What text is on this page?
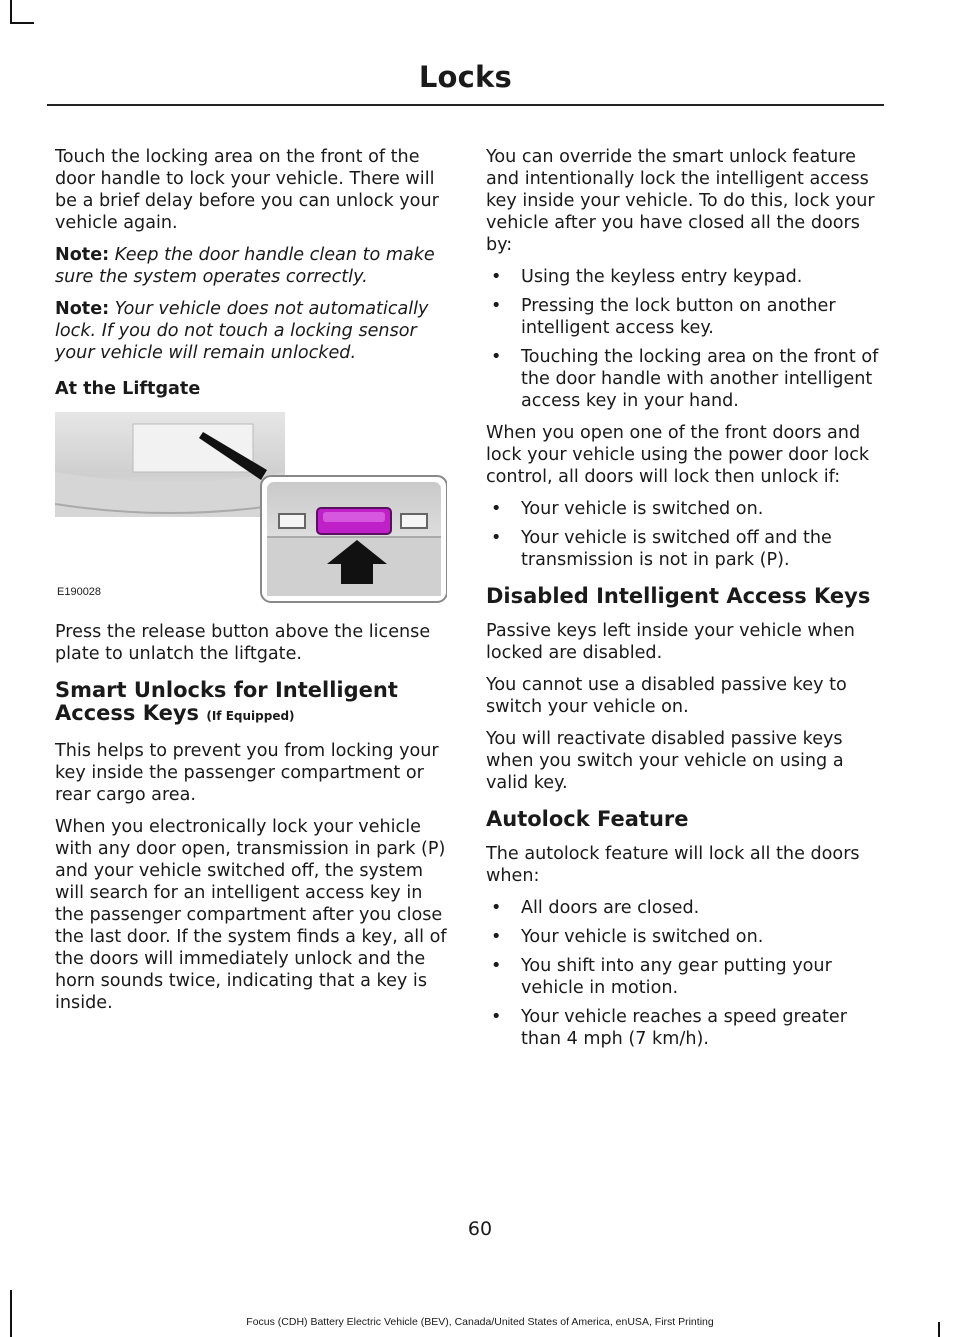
Locks

Touch the locking area on the front of the door handle to lock your vehicle. There will be a brief delay before you can unlock your vehicle again.

Note: Keep the door handle clean to make sure the system operates correctly.

Note: Your vehicle does not automatically lock. If you do not touch a locking sensor your vehicle will remain unlocked.

At the Liftgate
E190028

Press the release button above the license plate to unlatch the liftgate.

Smart Unlocks for Intelligent Access Keys (If Equipped)

This helps to prevent you from locking your key inside the passenger compartment or rear cargo area.

When you electronically lock your vehicle with any door open, transmission in park (P) and your vehicle switched off, the system will search for an intelligent access key in the passenger compartment after you close the last door. If the system finds a key, all of the doors will immediately unlock and the horn sounds twice, indicating that a key is inside.

You can override the smart unlock feature and intentionally lock the intelligent access key inside your vehicle. To do this, lock your vehicle after you have closed all the doors by:

• Using the keyless entry keypad.
• Pressing the lock button on another intelligent access key.
• Touching the locking area on the front of the door handle with another intelligent access key in your hand.

When you open one of the front doors and lock your vehicle using the power door lock control, all doors will lock then unlock if:

• Your vehicle is switched on.
• Your vehicle is switched off and the transmission is not in park (P).
Disabled Intelligent Access Keys

Passive keys left inside your vehicle when locked are disabled.

You cannot use a disabled passive key to switch your vehicle on.

You will reactivate disabled passive keys when you switch your vehicle on using a valid key.

Autolock Feature

The autolock feature will lock all the doors when:

• All doors are closed.
• Your vehicle is switched on.
• You shift into any gear putting your vehicle in motion.
• Your vehicle reaches a speed greater than 4 mph (7 km/h).
60
Focus (CDH) Battery Electric Vehicle (BEV), Canada/United States of America, enUSA, First Printing
